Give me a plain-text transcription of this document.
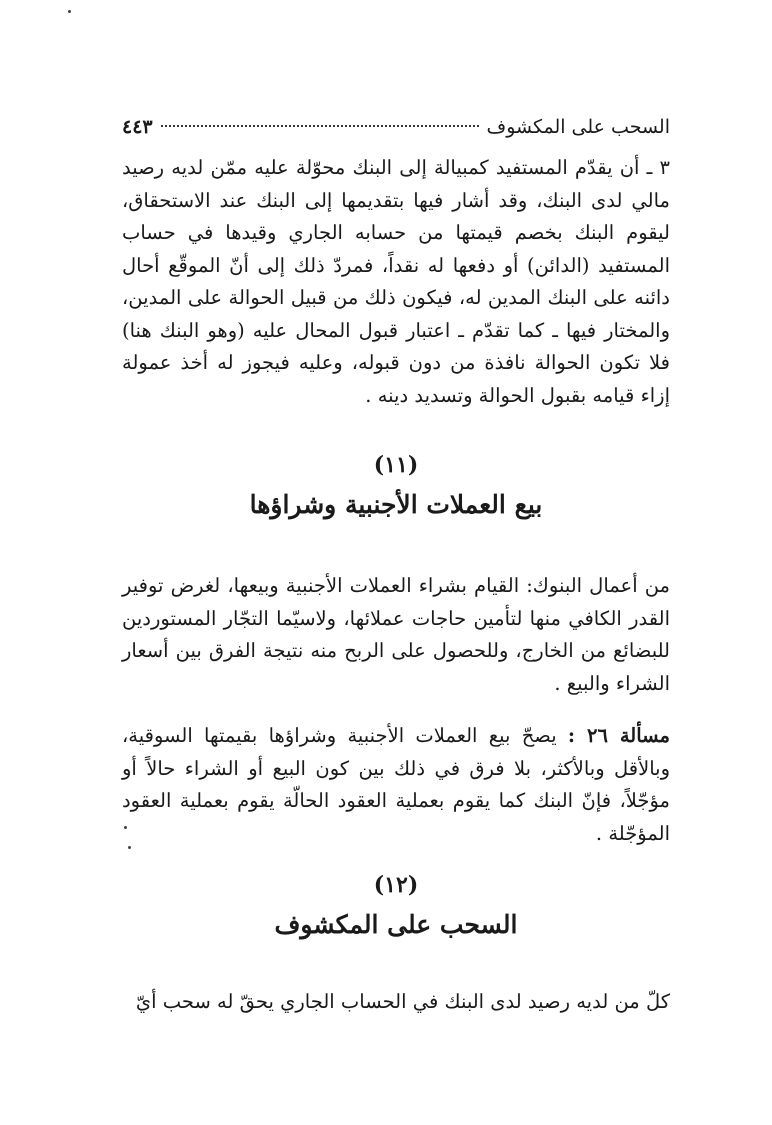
السحب على المكشوف
٤٤٣
٣ ـ أن يقدّم المستفيد كمبيالة إلى البنك محوّلة عليه ممّن لديه رصيد مالي لدى البنك، وقد أشار فيها بتقديمها إلى البنك عند الاستحقاق، ليقوم البنك بخصم قيمتها من حسابه الجاري وقيدها في حساب المستفيد (الدائن) أو دفعها له نقداً، فمردّ ذلك إلى أنّ الموقّع أحال دائنه على البنك المدين له، فيكون ذلك من قبيل الحوالة على المدين، والمختار فيها ـ كما تقدّم ـ اعتبار قبول المحال عليه (وهو البنك هنا) فلا تكون الحوالة نافذة من دون قبوله، وعليه فيجوز له أخذ عمولة إزاء قيامه بقبول الحوالة وتسديد دينه .
(١١)
بيع العملات الأجنبية وشراؤها
من أعمال البنوك: القيام بشراء العملات الأجنبية وبيعها، لغرض توفير القدر الكافي منها لتأمين حاجات عملائها، ولاسيّما التجّار المستوردين للبضائع من الخارج، وللحصول على الربح منه نتيجة الفرق بين أسعار الشراء والبيع .
مسألة ٢٦ : يصحّ بيع العملات الأجنبية وشراؤها بقيمتها السوقية، وبالأقل وبالأكثر، بلا فرق في ذلك بين كون البيع أو الشراء حالاً أو مؤجّلاً، فإنّ البنك كما يقوم بعملية العقود الحالّة يقوم بعملية العقود المؤجّلة .
(١٢)
السحب على المكشوف
كلّ من لديه رصيد لدى البنك في الحساب الجاري يحقّ له سحب أيّ
